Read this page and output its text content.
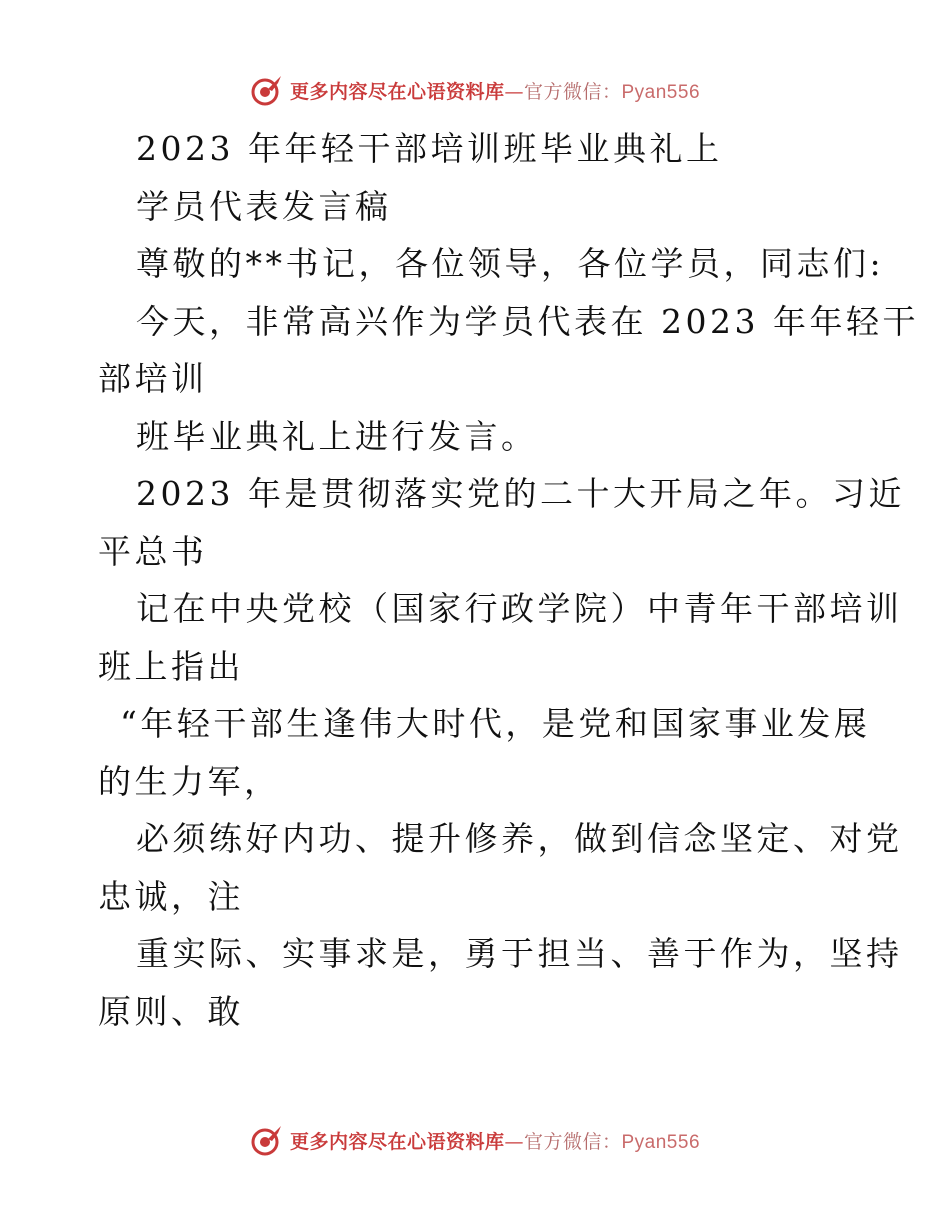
更多内容尽在心语资料库—官方微信：Pyan556
2023 年年轻干部培训班毕业典礼上
学员代表发言稿
尊敬的**书记，各位领导，各位学员，同志们:
今天，非常高兴作为学员代表在 2023 年年轻干
部培训
班毕业典礼上进行发言。
2023 年是贯彻落实党的二十大开局之年。习近
平总书
记在中央党校（国家行政学院）中青年干部培训
班上指出
“年轻干部生逢伟大时代，是党和国家事业发展
的生力军，
必须练好内功、提升修养，做到信念坚定、对党
忠诚，注
重实际、实事求是，勇于担当、善于作为，坚持
原则、敢
更多内容尽在心语资料库—官方微信：Pyan556
